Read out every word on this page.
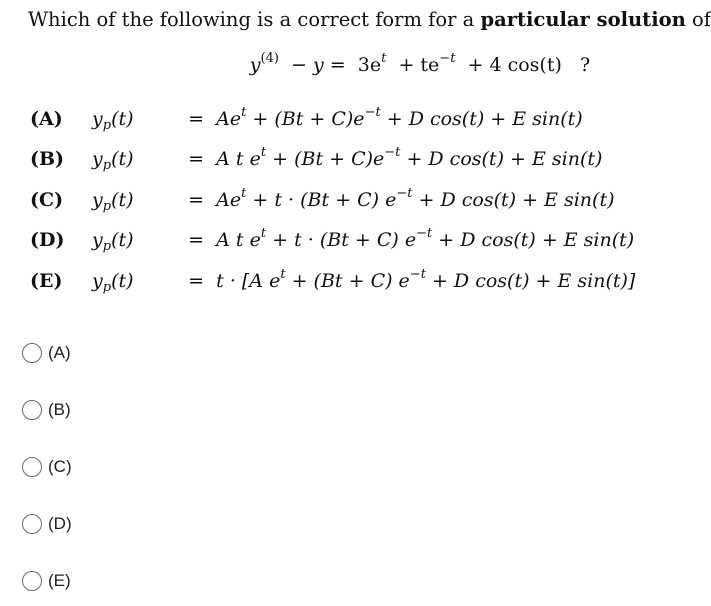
Which of the following is a correct form for a particular solution of
$y^{(4)} - y = 3e^t + te^{-t} + 4$ cos(t) ?
(A) $y_p(t)$	= $Ae^t + (Bt + C)e^{-t} + D$ cos(t) + E sin(t)
(B) $y_p(t)$	= A t $e^t + (Bt + C)e^{-t} + D$ cos(t) + E sin(t)
(C) $y_p(t)$	= $Ae^t + t \cdot (Bt + C) e^{-t} + D$ cos(t) + E sin(t)
(D) $y_p(t)$	= A t $e^t + t \cdot (Bt + C) e^{-t} + D$ cos(t) + E sin(t)
(E) $y_p(t)$	= t · [A $e^t + (Bt + C) e^{-t} + D$ cos(t) + E sin(t)]
(A)
(B)
(C)
(D)
(E)
